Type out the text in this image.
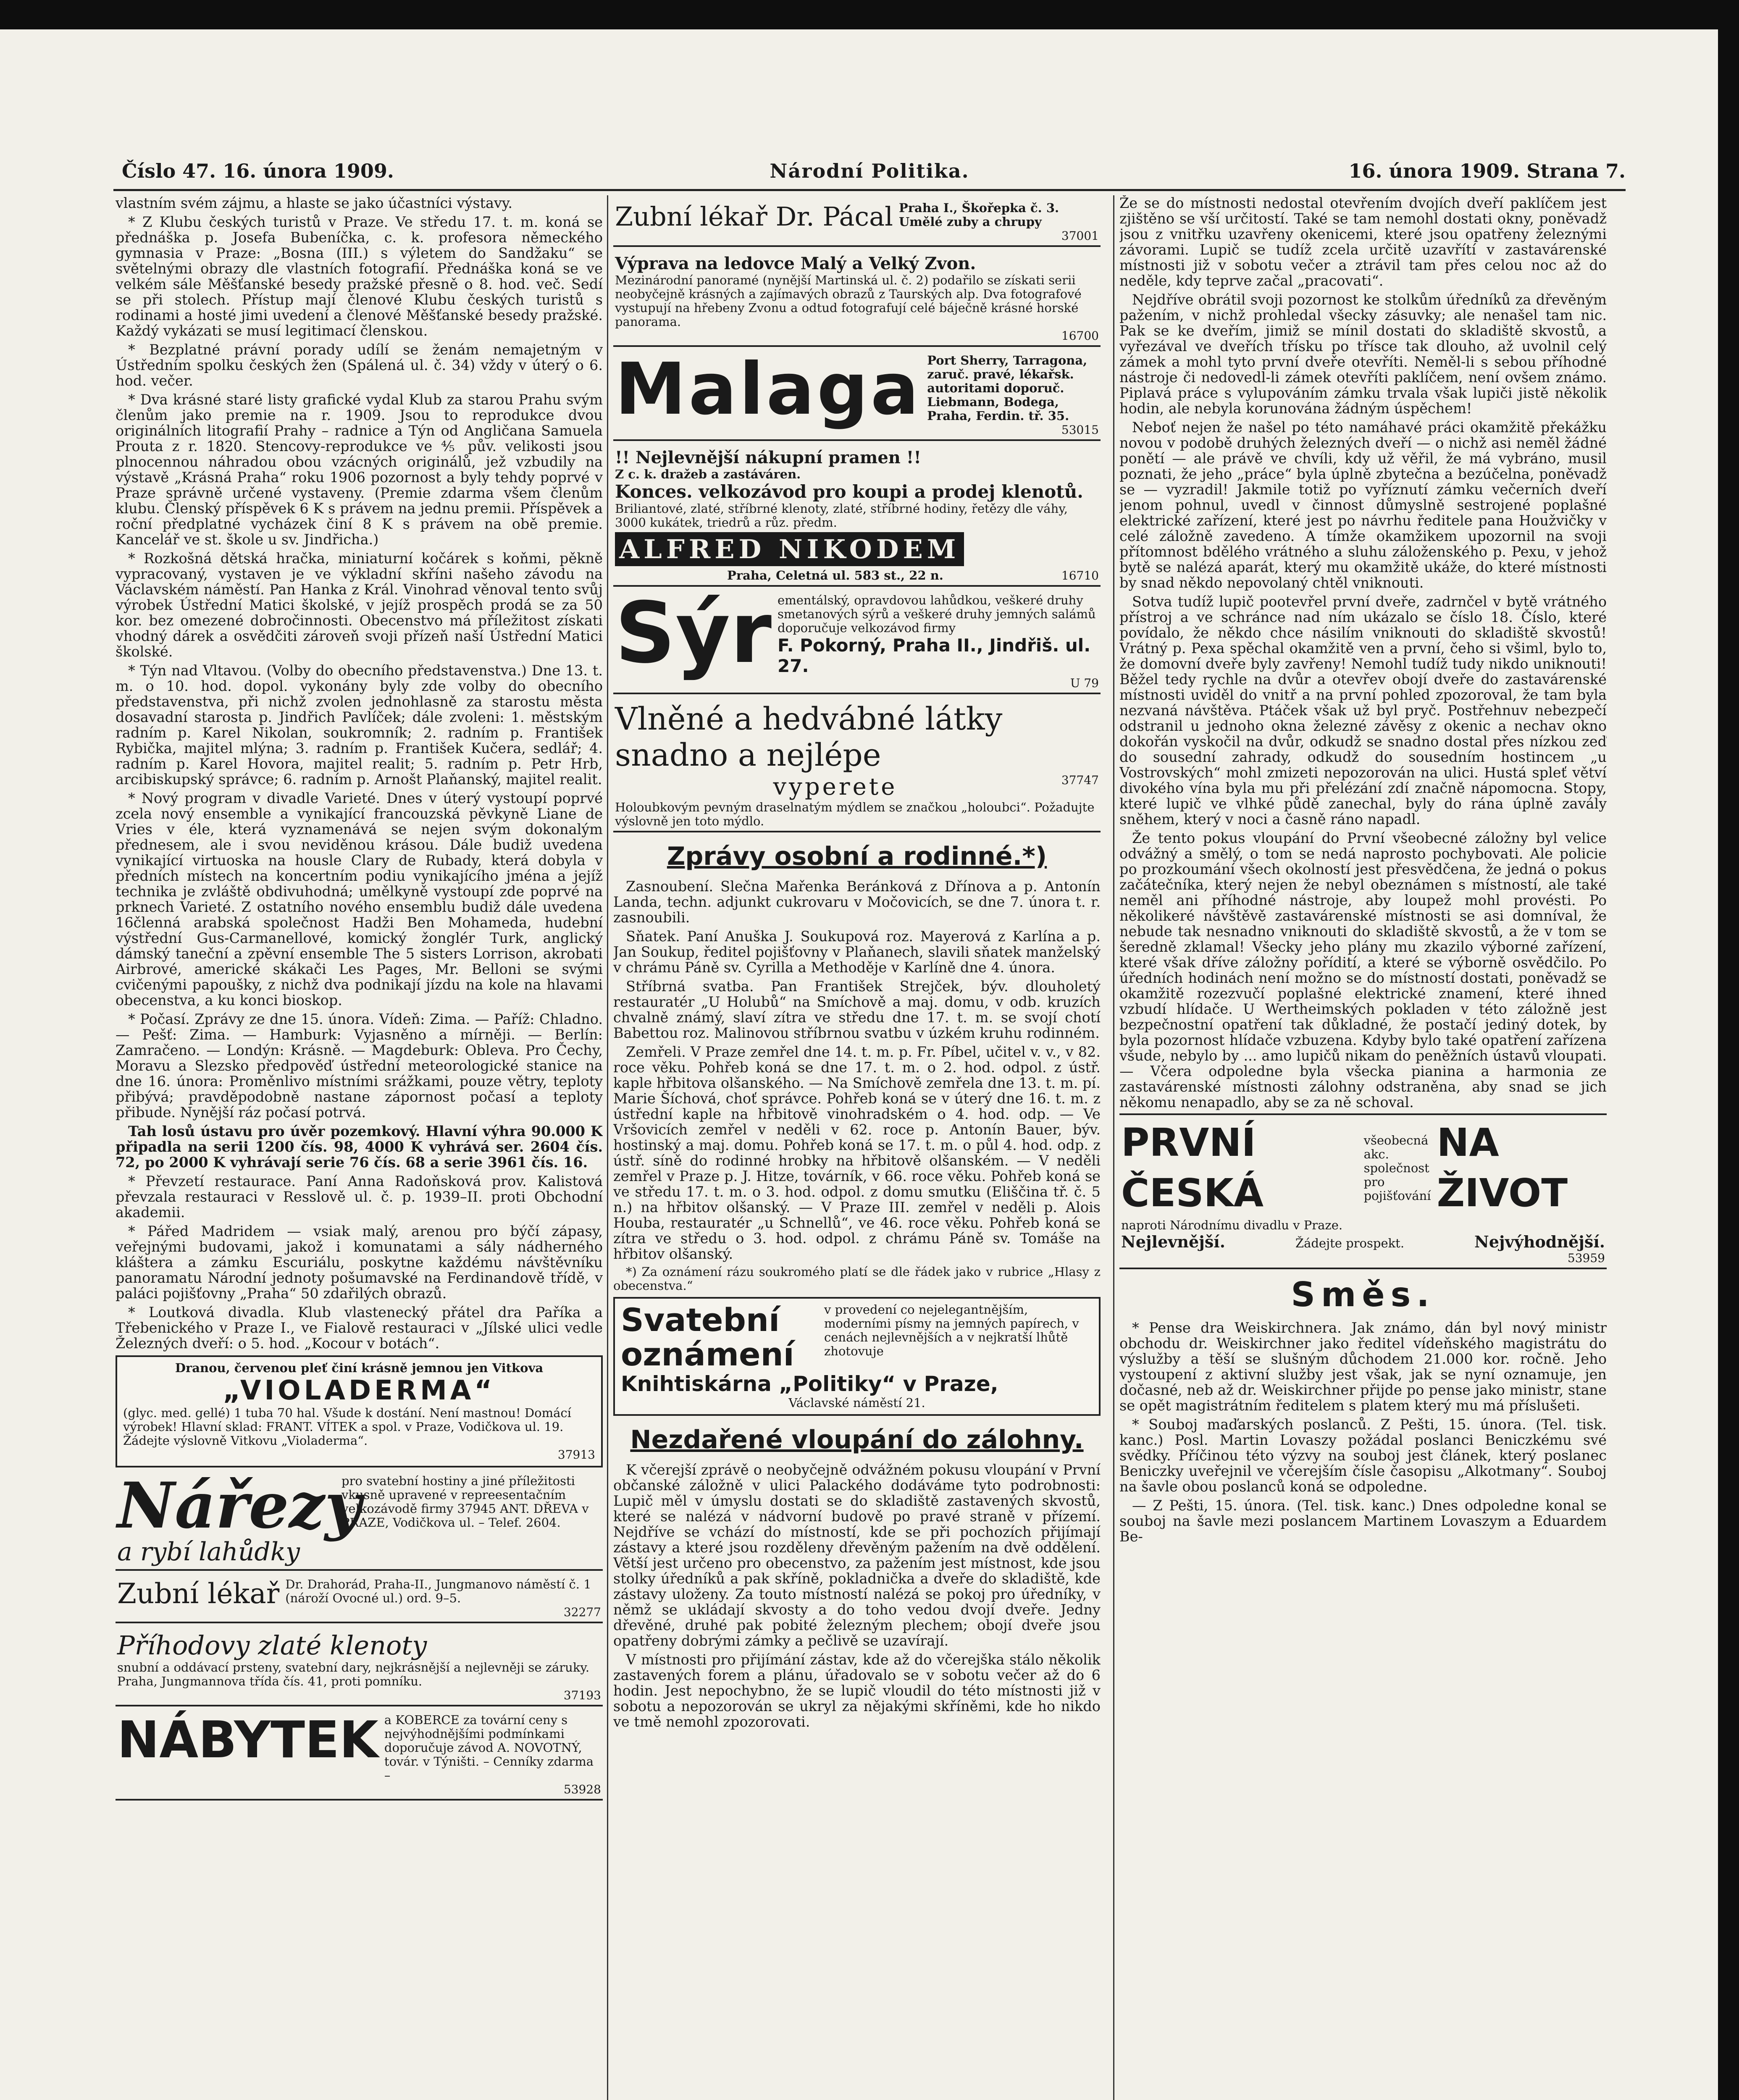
Číslo 47. 16. února 1909.	Národní Politika.	16. února 1909. Strana 7.

vlastním svém zájmu, a hlaste se jako účastníci výstavy.

* Z Klubu českých turistů v Praze. Ve středu 17. t. m. koná se přednáška p. Josefa Bubeníčka, c. k. profesora německého gymnasia v Praze: „Bosna (III.) s výletem do Sandžaku“ se světelnými obrazy dle vlastních fotografií. Přednáška koná se ve velkém sále Měšťanské besedy pražské přesně o 8. hod. več. Sedí se při stolech. Přístup mají členové Klubu českých turistů s rodinami a hosté jimi uvedení a členové Měšťanské besedy pražské. Každý vykázati se musí legitimací členskou.

* Bezplatné právní porady udílí se ženám nemajetným v Ústředním spolku českých žen (Spálená ul. č. 34) vždy v úterý o 6. hod. večer.

* Dva krásné staré listy grafické vydal Klub za starou Prahu svým členům jako premie na r. 1909. Jsou to reprodukce dvou originálních litografií Prahy – radnice a Týn od Angličana Samuela Prouta z r. 1820. Stencovy-reprodukce ve ⅘ pův. velikosti jsou plnocennou náhradou obou vzácných originálů, jež vzbudily na výstavě „Krásná Praha“ roku 1906 pozornost a byly tehdy poprvé v Praze správně určené vystaveny. (Premie zdarma všem členům klubu. Členský příspěvek 6 K s právem na jednu premii. Příspěvek a roční předplatné vycházek činí 8 K s právem na obě premie. Kancelář ve st. škole u sv. Jindřicha.)

* Rozkošná dětská hračka, miniaturní kočárek s koňmi, pěkně vypracovaný, vystaven je ve výkladní skříni našeho závodu na Václavském náměstí. Pan Hanka z Král. Vinohrad věnoval tento svůj výrobek Ústřední Matici školské, v jejíž prospěch prodá se za 50 kor. bez omezené dobročinnosti. Obecenstvo má příležitost získati vhodný dárek a osvědčiti zároveň svoji přízeň naší Ústřední Matici školské.

* Týn nad Vltavou. (Volby do obecního představenstva.) Dne 13. t. m. o 10. hod. dopol. vykonány byly zde volby do obecního představenstva, při nichž zvolen jednohlasně za starostu města dosavadní starosta p. Jindřich Pavlíček; dále zvoleni: 1. městským radním p. Karel Nikolan, soukromník; 2. radním p. František Rybička, majitel mlýna; 3. radním p. František Kučera, sedlář; 4. radním p. Karel Hovora, majitel realit; 5. radním p. Petr Hrb, arcibiskupský správce; 6. radním p. Arnošt Plaňanský, majitel realit.

* Nový program v divadle Varieté. Dnes v úterý vystoupí poprvé zcela nový ensemble a vynikající francouzská pěvkyně Liane de Vries v éle, která vyznamenává se nejen svým dokonalým přednesem, ale i svou neviděnou krásou. Dále budiž uvedena vynikající virtuoska na housle Clary de Rubady, která dobyla v předních místech na koncertním podiu vynikajícího jména a jejíž technika je zvláště obdivuhodná; umělkyně vystoupí zde poprvé na prknech Varieté. Z ostatního nového ensemblu budiž dále uvedena 16členná arabská společnost Hadži Ben Mohameda, hudební výstřední Gus-Carmanellové, komický žonglér Turk, anglický dámský taneční a zpěvní ensemble The 5 sisters Lorrison, akrobati Airbrové, americké skákači Les Pages, Mr. Belloni se svými cvičenými papoušky, z nichž dva podnikají jízdu na kole na hlavami obecenstva, a ku konci bioskop.

* Počasí. Zprávy ze dne 15. února. Vídeň: Zima. — Paříž: Chladno. — Pešť: Zima. — Hamburk: Vyjasněno a mírněji. — Berlín: Zamračeno. — Londýn: Krásně. — Magdeburk: Obleva. Pro Čechy, Moravu a Slezsko předpověď ústřední meteorologické stanice na dne 16. února: Proměnlivo místními srážkami, pouze větry, teploty přibývá; pravděpodobně nastane zápornost počasí a teploty přibude. Nynější ráz počasí potrvá.

Tah losů ústavu pro úvěr pozemkový. Hlavní výhra 90.000 K připadla na serii 1200 čís. 98, 4000 K vyhrává ser. 2604 čís. 72, po 2000 K vyhrávají serie 76 čís. 68 a serie 3961 čís. 16.

* Převzetí restaurace. Paní Anna Radoňsková prov. Kalistová převzala restauraci v Resslově ul. č. p. 1939–II. proti Obchodní akademii.

* Pářed Madridem — vsiak malý, arenou pro býčí zápasy, veřejnými budovami, jakož i komunatami a sály nádherného kláštera a zámku Escuriálu, poskytne každému návštěvníku panoramatu Národní jednoty pošumavské na Ferdinandově třídě, v paláci pojišťovny „Praha“ 50 zdařilých obrazů.

* Loutková divadla. Klub vlastenecký přátel dra Paříka a Třebenického v Praze I., ve Fialově restauraci v „Jílské ulici vedle Železných dveří: o 5. hod. „Kocour v botách“.

Dranou, červenou pleť činí krásně jemnou jen Vitkova
„VIOLADERMA“
(glyc. med. gellé) 1 tuba 70 hal. Všude k dostání. Není mastnou! Domácí výrobek! Hlavní sklad: FRANT. VÍTEK a spol. v Praze, Vodičkova ul. 19. Žádejte výslovně Vitkovu „Violaderma“.
37913
Nářezy
a rybí lahůdky
pro svatební hostiny a jiné příležitosti vkusně upravené v repreesentačním velkozávodě firmy 37945 ANT. DŘEVA v PRAZE, Vodičkova ul. – Telef. 2604.
Zubní lékař Dr. Drahorád, Praha-II., Jungmanovo náměstí č. 1 (nároží Ovocné ul.) ord. 9–5.
32277
Příhodovy zlaté klenoty
snubní a oddávací prsteny, svatební dary, nejkrásnější a nejlevněji se záruky. Praha, Jungmannova třída čís. 41, proti pomníku.
37193
NÁBYTEK a KOBERCE za tovární ceny s nejvýhodnějšími podmínkami doporučuje závod A. NOVOTNÝ, továr. v Týništi. – Cenníky zdarma –
53928
Zubní lékař Dr. Pácal Praha I., Škořepka č. 3. Umělé zuby a chrupy
37001
Výprava na ledovce Malý a Velký Zvon.
Mezinárodní panoramé (nynější Martinská ul. č. 2) podařilo se získati serii neobyčejně krásných a zajímavých obrazů z Taurských alp. Dva fotografové vystupují na hřebeny Zvonu a odtud fotografují celé báječně krásné horské panorama.
16700
Malaga Port Sherry, Tarragona, zaruč. pravé, lékařsk. autoritami doporuč. Liebmann, Bodega, Praha, Ferdin. tř. 35.
53015
!! Nejlevnější nákupní pramen !!
Z c. k. dražeb a zastáváren.
Konces. velkozávod pro koupi a prodej klenotů.
Briliantové, zlaté, stříbrné klenoty, zlaté, stříbrné hodiny, řetězy dle váhy, 3000 kukátek, triedrů a růz. předm.
ALFRED NIKODEM
Praha, Celetná ul. 583 st., 22 n.	16710
Sýr ementálský, opravdovou lahůdkou, veškeré druhy smetanových sýrů a veškeré druhy jemných salámů doporučuje velkozávod firmy
F. Pokorný, Praha II., Jindřiš. ul. 27.
U 79
Vlněné a hedvábné látky
snadno a nejlépe
vyperete	37747
Holoubkovým pevným draselnatým mýdlem se značkou „holoubci“. Požadujte výslovně jen toto mýdlo.
Zprávy osobní a rodinné.*)

Zasnoubení. Slečna Mařenka Beránková z Dřínova a p. Antonín Landa, techn. adjunkt cukrovaru v Močovicích, se dne 7. února t. r. zasnoubili.

Sňatek. Paní Anuška J. Soukupová roz. Mayerová z Karlína a p. Jan Soukup, ředitel pojišťovny v Plaňanech, slavili sňatek manželský v chrámu Páně sv. Cyrilla a Methoděje v Karlíně dne 4. února.

Stříbrná svatba. Pan František Strejček, býv. dlouholetý restauratér „U Holubů“ na Smíchově a maj. domu, v odb. kruzích chvalně známý, slaví zítra ve středu dne 17. t. m. se svojí chotí Babettou roz. Malinovou stříbrnou svatbu v úzkém kruhu rodinném.

Zemřeli. V Praze zemřel dne 14. t. m. p. Fr. Píbel, učitel v. v., v 82. roce věku. Pohřeb koná se dne 17. t. m. o 2. hod. odpol. z ústř. kaple hřbitova olšanského. — Na Smíchově zemřela dne 13. t. m. pí. Marie Šíchová, choť správce. Pohřeb koná se v úterý dne 16. t. m. z ústřední kaple na hřbitově vinohradském o 4. hod. odp. — Ve Vršovicích zemřel v neděli v 62. roce p. Antonín Bauer, býv. hostinský a maj. domu. Pohřeb koná se 17. t. m. o půl 4. hod. odp. z ústř. síně do rodinné hrobky na hřbitově olšanském. — V neděli zemřel v Praze p. J. Hitze, továrník, v 66. roce věku. Pohřeb koná se ve středu 17. t. m. o 3. hod. odpol. z domu smutku (Eliščina tř. č. 5 n.) na hřbitov olšanský. — V Praze III. zemřel v neděli p. Alois Houba, restauratér „u Schnellů“, ve 46. roce věku. Pohřeb koná se zítra ve středu o 3. hod. odpol. z chrámu Páně sv. Tomáše na hřbitov olšanský.

*) Za oznámení rázu soukromého platí se dle řádek jako v rubrice „Hlasy z obecenstva.“

Svatební oznámení
v provedení co nejelegantnějším, moderními písmy na jemných papírech, v cenách nejlevnějších a v nejkratší lhůtě zhotovuje
Knihtiskárna „Politiky“ v Praze,
Václavské náměstí 21.
Nezdařené vloupání do zálohny.

K včerejší zprávě o neobyčejně odvážném pokusu vloupání v První občanské záložně v ulici Palackého dodáváme tyto podrobnosti: Lupič měl v úmyslu dostati se do skladiště zastavených skvostů, které se nalézá v nádvorní budově po pravé straně v přízemí. Nejdříve se vchází do místností, kde se při pochozích přijímají zástavy a které jsou rozděleny dřevěným pažením na dvě oddělení. Větší jest určeno pro obecenstvo, za pažením jest místnost, kde jsou stolky úředníků a pak skříně, pokladnička a dveře do skladiště, kde zástavy uloženy. Za touto místností nalézá se pokoj pro úředníky, v němž se ukládají skvosty a do toho vedou dvojí dveře. Jedny dřevěné, druhé pak pobité železným plechem; obojí dveře jsou opatřeny dobrými zámky a pečlivě se uzavírají.

V místnosti pro přijímání zástav, kde až do včerejška stálo několik zastavených forem a plánu, úřadovalo se v sobotu večer až do 6 hodin. Jest nepochybno, že se lupič vloudil do této místnosti již v sobotu a nepozorován se ukryl za nějakými skříněmi, kde ho nikdo ve tmě nemohl zpozorovati.

Že se do místnosti nedostal otevřením dvojích dveří paklíčem jest zjištěno se vší určitostí. Také se tam nemohl dostati okny, poněvadž jsou z vnitřku uzavřeny okenicemi, které jsou opatřeny železnými závorami. Lupič se tudíž zcela určitě uzavřítí v zastavárenské místnosti již v sobotu večer a ztrávil tam přes celou noc až do neděle, kdy teprve začal „pracovati“.

Nejdříve obrátil svoji pozornost ke stolkům úředníků za dřevěným pažením, v nichž prohledal všecky zásuvky; ale nenašel tam nic. Pak se ke dveřím, jimiž se mínil dostati do skladiště skvostů, a vyřezával ve dveřích třísku po třísce tak dlouho, až uvolnil celý zámek a mohl tyto první dveře otevříti. Neměl-li s sebou příhodné nástroje či nedovedl-li zámek otevříti paklíčem, není ovšem známo. Piplavá práce s vylupováním zámku trvala však lupiči jistě několik hodin, ale nebyla korunována žádným úspěchem!

Neboť nejen že našel po této namáhavé práci okamžitě překážku novou v podobě druhých železných dveří — o nichž asi neměl žádné ponětí — ale právě ve chvíli, kdy už věřil, že má vybráno, musil poznati, že jeho „práce“ byla úplně zbytečna a bezúčelna, poněvadž se — vyzradil! Jakmile totiž po vyříznutí zámku večerních dveří jenom pohnul, uvedl v činnost důmyslně sestrojené poplašné elektrické zařízení, které jest po návrhu ředitele pana Houžvičky v celé záložně zavedeno. A tímže okamžikem upozornil na svoji přítomnost bdělého vrátného a sluhu záloženského p. Pexu, v jehož bytě se nalézá aparát, který mu okamžitě ukáže, do které místnosti by snad někdo nepovolaný chtěl vniknouti.

Sotva tudíž lupič pootevřel první dveře, zadrnčel v bytě vrátného přístroj a ve schránce nad ním ukázalo se číslo 18. Číslo, které povídalo, že někdo chce násilím vniknouti do skladiště skvostů! Vrátný p. Pexa spěchal okamžitě ven a první, čeho si všiml, bylo to, že domovní dveře byly zavřeny! Nemohl tudíž tudy nikdo uniknouti! Běžel tedy rychle na dvůr a otevřev obojí dveře do zastavárenské místnosti uviděl do vnitř a na první pohled zpozoroval, že tam byla nezvaná návštěva. Ptáček však už byl pryč. Postřehnuv nebezpečí odstranil u jednoho okna železné závěsy z okenic a nechav okno dokořán vyskočil na dvůr, odkudž se snadno dostal přes nízkou zeď do sousední zahrady, odkudž do sousedním hostincem „u Vostrovských“ mohl zmizeti nepozorován na ulici. Hustá spleť větví divokého vína byla mu při přelézání zdí značně nápomocna. Stopy, které lupič ve vlhké půdě zanechal, byly do rána úplně zavály sněhem, který v noci a časně ráno napadl.

Že tento pokus vloupání do První všeobecné záložny byl velice odvážný a smělý, o tom se nedá naprosto pochybovati. Ale policie po prozkoumání všech okolností jest přesvědčena, že jedná o pokus začátečníka, který nejen že nebyl obeznámen s místností, ale také neměl ani příhodné nástroje, aby loupež mohl provésti. Po několikeré návštěvě zastavárenské místnosti se asi domníval, že nebude tak nesnadno vniknouti do skladiště skvostů, a že v tom se šeredně zklamal! Všecky jeho plány mu zkazilo výborné zařízení, které však dříve záložny pořídití, a které se výborně osvědčilo. Po úředních hodinách není možno se do místností dostati, poněvadž se okamžitě rozezvučí poplašné elektrické znamení, které ihned vzbudí hlídače. U Wertheimských pokladen v této záložně jest bezpečnostní opatření tak důkladné, že postačí jediný dotek, by byla pozornost hlídače vzbuzena. Kdyby bylo také opatření zařízena všude, nebylo by ... amo lupičů nikam do peněžních ústavů vloupati. — Včera odpoledne byla všecka pianina a harmonia ze zastavárenské místnosti zálohny odstraněna, aby snad se jich někomu nenapadlo, aby se za ně schoval.

PRVNÍ ČESKÁ
všeobecná akc. společnost pro pojišťování
NA ŽIVOT
naproti Národnímu divadlu v Praze.
Nejlevnější.	Žádejte prospekt.	Nejvýhodnější.
53959
Směs.

* Pense dra Weiskirchnera. Jak známo, dán byl nový ministr obchodu dr. Weiskirchner jako ředitel vídeňského magistrátu do výslužby a těší se slušným důchodem 21.000 kor. ročně. Jeho vystoupení z aktivní služby jest však, jak se nyní oznamuje, jen dočasné, neb až dr. Weiskirchner přijde po pense jako ministr, stane se opět magistrátním ředitelem s platem který mu má příslušeti.

* Souboj maďarských poslanců. Z Pešti, 15. února. (Tel. tisk. kanc.) Posl. Martin Lovaszy požádal poslanci Beniczkému své svědky. Příčinou této výzvy na souboj jest článek, který poslanec Beniczky uveřejnil ve včerejším čísle časopisu „Alkotmany“. Souboj na šavle obou poslanců koná se odpoledne.

— Z Pešti, 15. února. (Tel. tisk. kanc.) Dnes odpoledne konal se souboj na šavle mezi poslancem Martinem Lovaszym a Eduardem Be-
